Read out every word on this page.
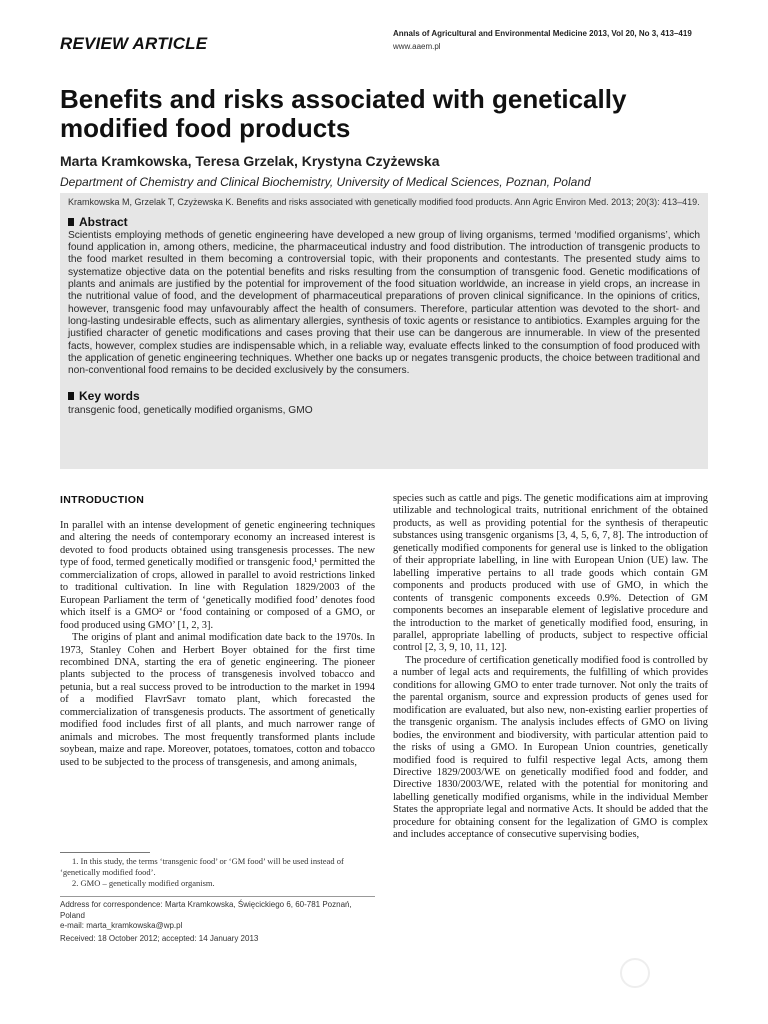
REVIEW ARTICLE
Annals of Agricultural and Environmental Medicine 2013, Vol 20, No 3, 413–419
www.aaem.pl
Benefits and risks associated with genetically modified food products
Marta Kramkowska, Teresa Grzelak, Krystyna Czyżewska
Department of Chemistry and Clinical Biochemistry, University of Medical Sciences, Poznan, Poland

Kramkowska M, Grzelak T, Czyżewska K. Benefits and risks associated with genetically modified food products. Ann Agric Environ Med. 2013; 20(3): 413–419.

Abstract

Scientists employing methods of genetic engineering have developed a new group of living organisms, termed ‘modified organisms’, which found application in, among others, medicine, the pharmaceutical industry and food distribution. The introduction of transgenic products to the food market resulted in them becoming a controversial topic, with their proponents and contestants. The presented study aims to systematize objective data on the potential benefits and risks resulting from the consumption of transgenic food. Genetic modifications of plants and animals are justified by the potential for improvement of the food situation worldwide, an increase in yield crops, an increase in the nutritional value of food, and the development of pharmaceutical preparations of proven clinical significance. In the opinions of critics, however, transgenic food may unfavourably affect the health of consumers. Therefore, particular attention was devoted to the short- and long-lasting undesirable effects, such as alimentary allergies, synthesis of toxic agents or resistance to antibiotics. Examples arguing for the justified character of genetic modifications and cases proving that their use can be dangerous are innumerable. In view of the presented facts, however, complex studies are indispensable which, in a reliable way, evaluate effects linked to the consumption of food produced with the application of genetic engineering techniques. Whether one backs up or negates transgenic products, the choice between traditional and non-conventional food remains to be decided exclusively by the consumers.

Key words

transgenic food, genetically modified organisms, GMO

INTRODUCTION

In parallel with an intense development of genetic engineering techniques and altering the needs of contemporary economy an increased interest is devoted to food products obtained using transgenesis processes. The new type of food, termed genetically modified or transgenic food,¹ permitted the commercialization of crops, allowed in parallel to avoid restrictions linked to traditional cultivation. In line with Regulation 1829/2003 of the European Parliament the term of ‘genetically modified food’ denotes food which itself is a GMO² or ‘food containing or composed of a GMO, or food produced using GMO’ [1, 2, 3].

The origins of plant and animal modification date back to the 1970s. In 1973, Stanley Cohen and Herbert Boyer obtained for the first time recombined DNA, starting the era of genetic engineering. The pioneer plants subjected to the process of transgenesis involved tobacco and petunia, but a real success proved to be introduction to the market in 1994 of a modified FlavrSavr tomato plant, which forecasted the commercialization of transgenesis products. The assortment of genetically modified food includes first of all plants, and much narrower range of animals and microbes. The most frequently transformed plants include soybean, maize and rape. Moreover, potatoes, tomatoes, cotton and tobacco used to be subjected to the process of transgenesis, and among animals,

species such as cattle and pigs. The genetic modifications aim at improving utilizable and technological traits, nutritional enrichment of the obtained products, as well as providing potential for the synthesis of therapeutic substances using transgenic organisms [3, 4, 5, 6, 7, 8]. The introduction of genetically modified components for general use is linked to the obligation of their appropriate labelling, in line with European Union (UE) law. The labelling imperative pertains to all trade goods which contain GM components and products produced with use of GMO, in which the contents of transgenic components exceeds 0.9%. Detection of GM components becomes an inseparable element of legislative procedure and the introduction to the market of genetically modified food, ensuring, in parallel, appropriate labelling of products, subject to respective official control [2, 3, 9, 10, 11, 12].

The procedure of certification genetically modified food is controlled by a number of legal acts and requirements, the fulfilling of which provides conditions for allowing GMO to enter trade turnover. Not only the traits of the parental organism, source and expression products of genes used for modification are evaluated, but also new, non-existing earlier properties of the transgenic organism. The analysis includes effects of GMO on living bodies, the environment and biodiversity, with particular attention paid to the risks of using a GMO. In European Union countries, genetically modified food is required to fulfil respective legal Acts, among them Directive 1829/2003/WE on genetically modified food and fodder, and Directive 1830/2003/WE, related with the potential for monitoring and labelling genetically modified organisms, while in the individual Member States the appropriate legal and normative Acts. It should be added that the procedure for obtaining consent for the legalization of GMO is complex and includes acceptance of consecutive supervising bodies,

1. In this study, the terms ‘transgenic food’ or ‘GM food’ will be used instead of ‘genetically modified food’.

2. GMO – genetically modified organism.

Address for correspondence: Marta Kramkowska, Święcickiego 6, 60-781 Poznań, Poland

e-mail: marta_kramkowska@wp.pl

Received: 18 October 2012; accepted: 14 January 2013
